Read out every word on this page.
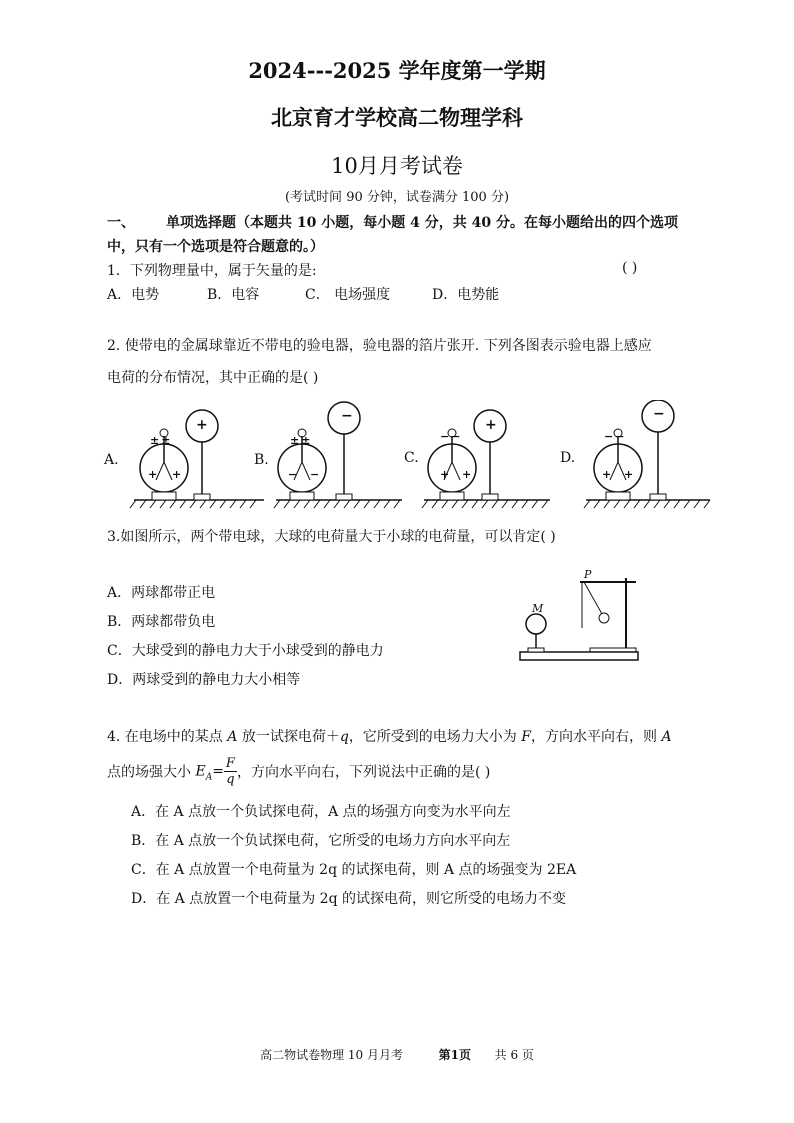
2024---2025 学年度第一学期
北京育才学校高二物理学科
10月月考试卷
(考试时间 90 分钟，试卷满分 100 分)
一、 单项选择题（本题共 10 小题，每小题 4 分，共 40 分。在每小题给出的四个选项
中，只有一个选项是符合题意的。）
1．下列物理量中，属于矢量的是:	( )
A．电势	B．电容	C． 电场强度	D．电势能
2. 使带电的金属球靠近不带电的验电器，验电器的箔片张开. 下列各图表示验电器上感应
电荷的分布情况，其中正确的是( )
A.
+
±±
+ +
B.
−
±±
− −
C.
+
−−
+ +
D.
−
−−
+ +
3.如图所示，两个带电球，大球的电荷量大于小球的电荷量，可以肯定( )
A．两球都带正电
B．两球都带负电
C．大球受到的静电力大于小球受到的静电力
D．两球受到的静电力大小相等
P
M
4. 在电场中的某点 A 放一试探电荷＋q，它所受到的电场力大小为 F，方向水平向右，则 A
点的场强大小 $E_A= \frac{F}{q}$ ，方向水平向右，下列说法中正确的是( )
A．在 A 点放一个负试探电荷，A 点的场强方向变为水平向左
B．在 A 点放一个负试探电荷，它所受的电场力方向水平向左
C．在 A 点放置一个电荷量为 2q 的试探电荷，则 A 点的场强变为 2EA
D．在 A 点放置一个电荷量为 2q 的试探电荷，则它所受的电场力不变
高二物试卷物理 10 月月考	第1页 共 6 页
